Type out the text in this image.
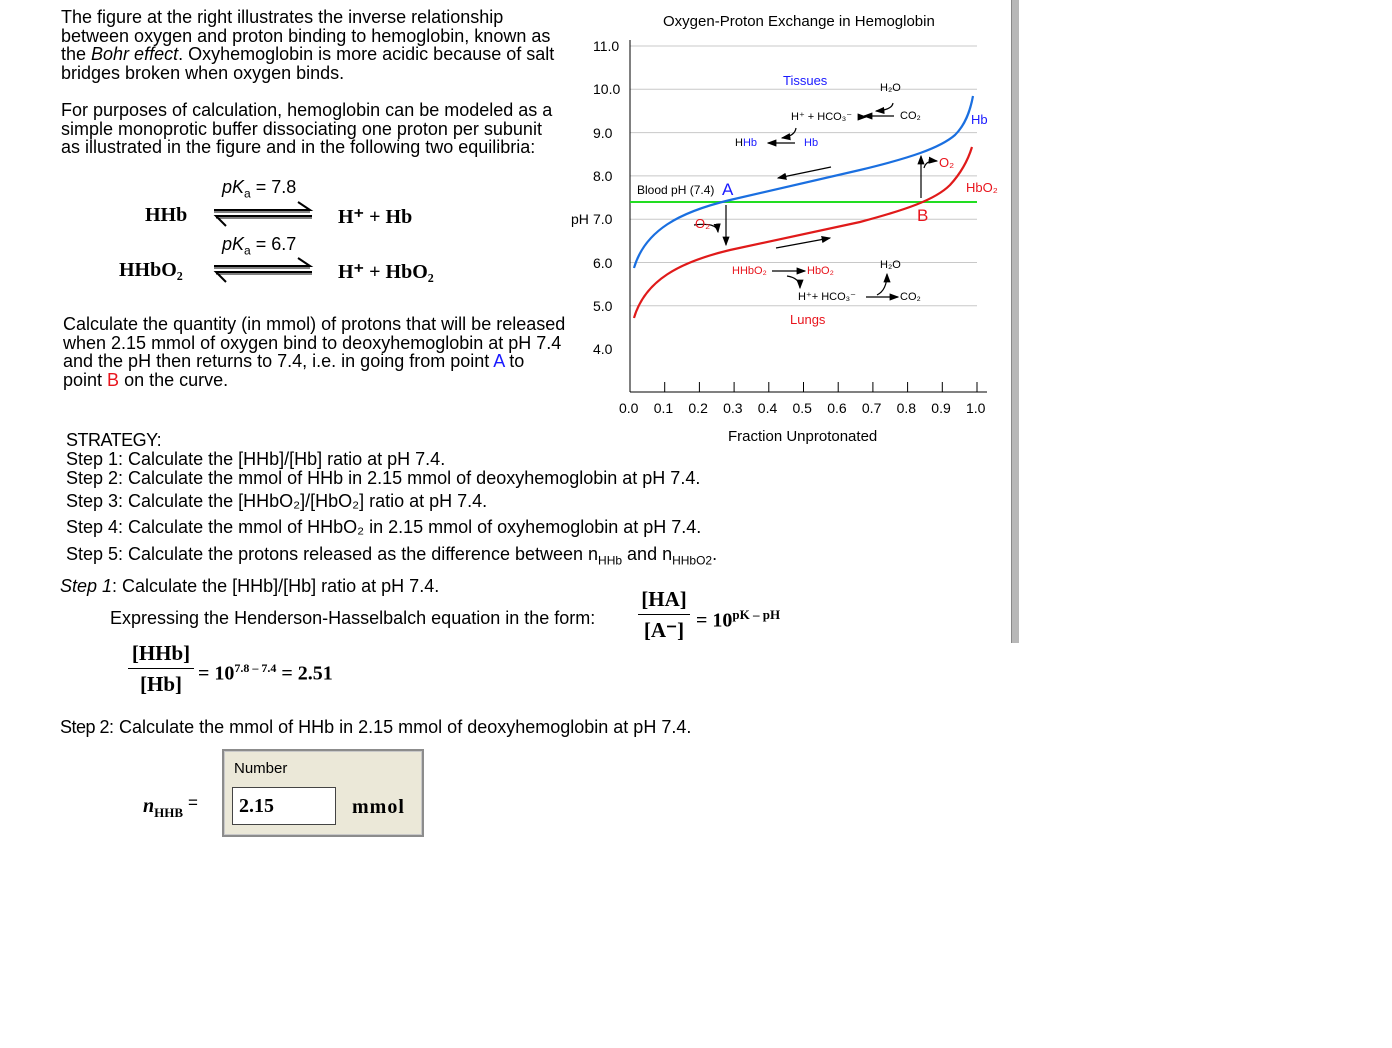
The figure at the right illustrates the inverse relationship
between oxygen and proton binding to hemoglobin, known as
the Bohr effect. Oxyhemoglobin is more acidic because of salt
bridges broken when oxygen binds.
For purposes of calculation, hemoglobin can be modeled as a
simple monoprotic buffer dissociating one proton per subunit
as illustrated in the figure and in the following two equilibria:
$pK_a = 7.8$
HHb	H⁺ + Hb
$pK_a = 6.7$
HHbO₂	H⁺ + HbO₂
Calculate the quantity (in mmol) of protons that will be released
when 2.15 mmol of oxygen bind to deoxyhemoglobin at pH 7.4
and the pH then returns to 7.4, i.e. in going from point A to
point B on the curve.
Oxygen-Proton Exchange in Hemoglobin
pH
Fraction Unprotonated
11.0
10.0
9.0
8.0
7.0
6.0
5.0
4.0
0.0 0.1 0.2 0.3 0.4 0.5 0.6 0.7 0.8 0.9 1.0
Tissues	H₂O
H⁺ + HCO₃⁻	CO₂
HHb	Hb
Hb
O₂
HbO₂
Blood pH (7.4) A
B
O₂
HHbO₂	HbO₂	H₂O
H⁺+ HCO₃⁻	CO₂
Lungs
STRATEGY:
Step 1: Calculate the [HHb]/[Hb] ratio at pH 7.4.
Step 2: Calculate the mmol of HHb in 2.15 mmol of deoxyhemoglobin at pH 7.4.
Step 3: Calculate the [HHbO₂]/[HbO₂] ratio at pH 7.4.
Step 4: Calculate the mmol of HHbO₂ in 2.15 mmol of oxyhemoglobin at pH 7.4.
Step 5: Calculate the protons released as the difference between $n_{HHb}$ and $n_{HHbO2}$.
Step 1: Calculate the [HHb]/[Hb] ratio at pH 7.4.
Expressing the Henderson-Hasselbalch equation in the form: $\frac{[HA]}{[A^-]} = 10^{pK - pH}$
[HHb]
$[Hb] = 10^{7.8 - 7.4} = 2.51$
Step 2: Calculate the mmol of HHb in 2.15 mmol of deoxyhemoglobin at pH 7.4.
$n_{HHB}$ =
Number
2.15
mmol
